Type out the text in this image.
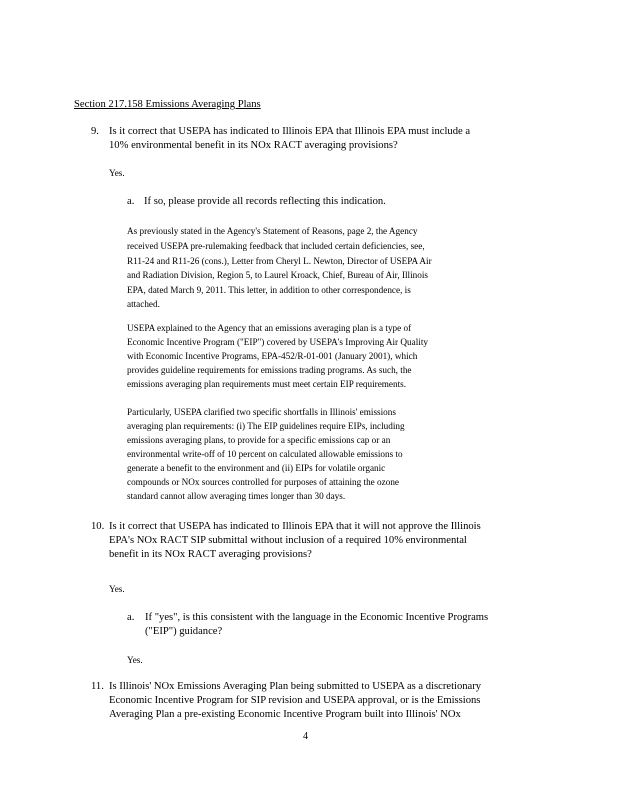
Section 217.158 Emissions Averaging Plans
9. Is it correct that USEPA has indicated to Illinois EPA that Illinois EPA must include a
10% environmental benefit in its NOx RACT averaging provisions?
Yes.
a. If so, please provide all records reflecting this indication.
As previously stated in the Agency's Statement of Reasons, page 2, the Agency
received USEPA pre-rulemaking feedback that included certain deficiencies, see,
R11-24 and R11-26 (cons.), Letter from Cheryl L. Newton, Director of USEPA Air
and Radiation Division, Region 5, to Laurel Kroack, Chief, Bureau of Air, Illinois
EPA, dated March 9, 2011. This letter, in addition to other correspondence, is
attached.
USEPA explained to the Agency that an emissions averaging plan is a type of
Economic Incentive Program ("EIP") covered by USEPA's Improving Air Quality
with Economic Incentive Programs, EPA-452/R-01-001 (January 2001), which
provides guideline requirements for emissions trading programs. As such, the
emissions averaging plan requirements must meet certain EIP requirements.
Particularly, USEPA clarified two specific shortfalls in Illinois' emissions
averaging plan requirements: (i) The EIP guidelines require EIPs, including
emissions averaging plans, to provide for a specific emissions cap or an
environmental write-off of 10 percent on calculated allowable emissions to
generate a benefit to the environment and (ii) EIPs for volatile organic
compounds or NOx sources controlled for purposes of attaining the ozone
standard cannot allow averaging times longer than 30 days.
10. Is it correct that USEPA has indicated to Illinois EPA that it will not approve the Illinois
EPA's NOx RACT SIP submittal without inclusion of a required 10% environmental
benefit in its NOx RACT averaging provisions?
Yes.
a. If "yes", is this consistent with the language in the Economic Incentive Programs
("EIP") guidance?
Yes.
11. Is Illinois' NOx Emissions Averaging Plan being submitted to USEPA as a discretionary
Economic Incentive Program for SIP revision and USEPA approval, or is the Emissions
Averaging Plan a pre-existing Economic Incentive Program built into Illinois' NOx
4
